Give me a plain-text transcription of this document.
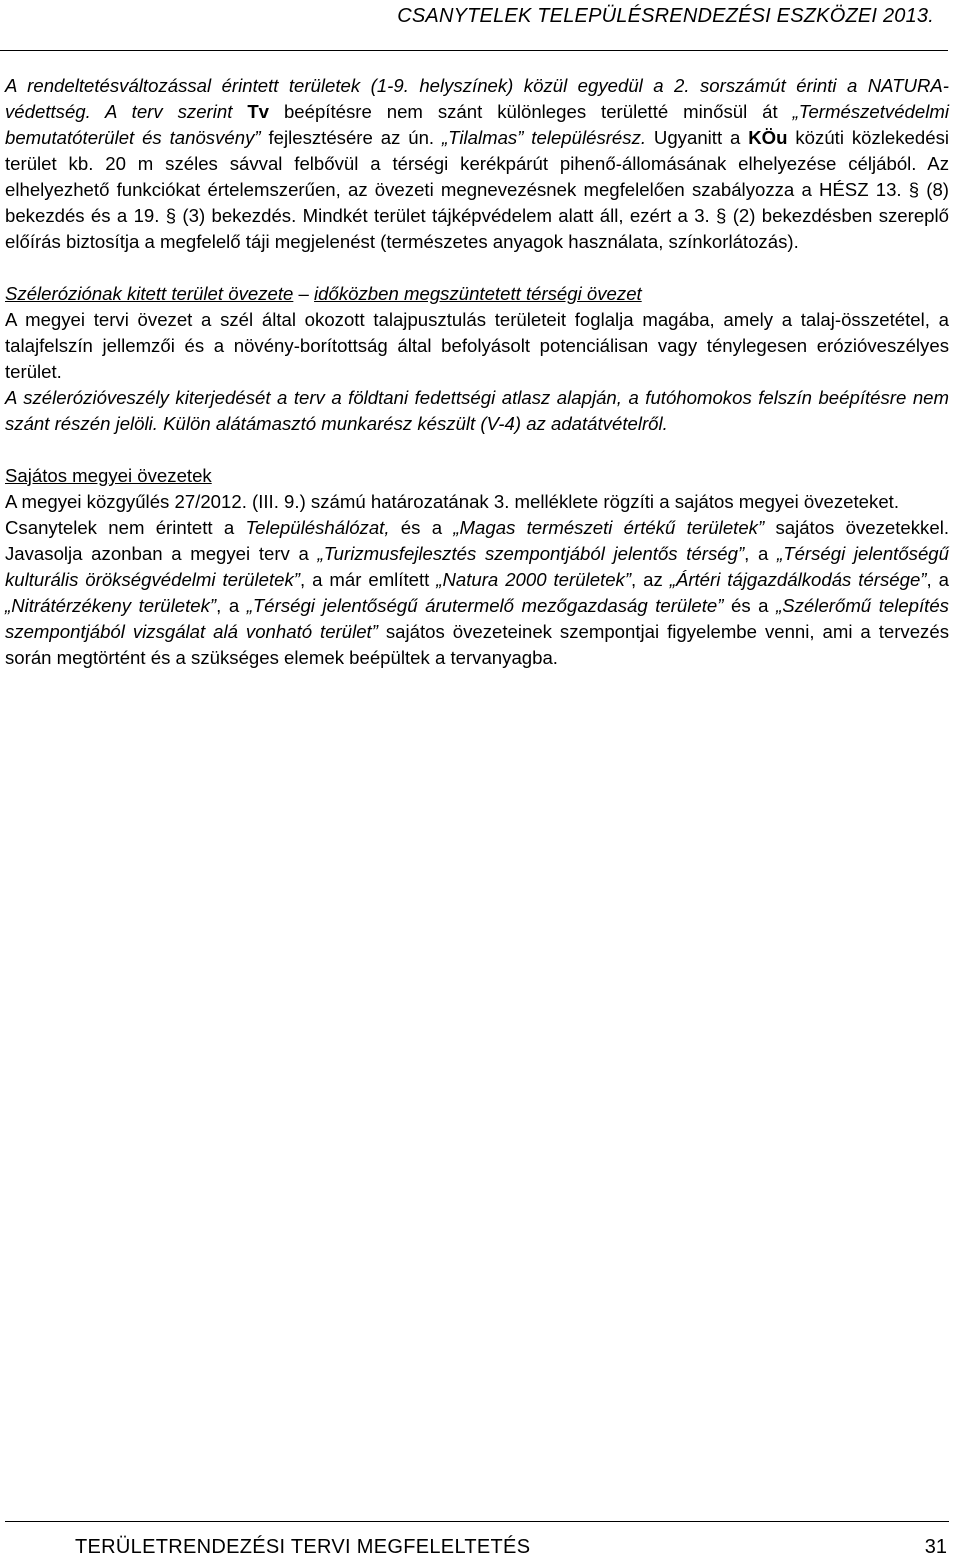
CSANYTELEK TELEPÜLÉSRENDEZÉSI ESZKÖZEI 2013.

A rendeltetésváltozással érintett területek (1-9. helyszínek) közül egyedül a 2. sorszámút érinti a NATURA-védettség. A terv szerint Tv beépítésre nem szánt különleges területté minősül át „Természetvédelmi bemutatóterület és tanösvény” fejlesztésére az ún. „Tilalmas” településrész. Ugyanitt a KÖu közúti közlekedési terület kb. 20 m széles sávval felbővül a térségi kerékpárút pihenő-állomásának elhelyezése céljából. Az elhelyezhető funkciókat értelemszerűen, az övezeti megnevezésnek megfelelően szabályozza a HÉSZ 13. § (8) bekezdés és a 19. § (3) bekezdés. Mindkét terület tájképvédelem alatt áll, ezért a 3. § (2) bekezdésben szereplő előírás biztosítja a megfelelő táji megjelenést (természetes anyagok használata, színkorlátozás).

Széleróziónak kitett terület övezete – időközben megszüntetett térségi övezet

A megyei tervi övezet a szél által okozott talajpusztulás területeit foglalja magába, amely a talaj-összetétel, a talajfelszín jellemzői és a növény-borítottság által befolyásolt potenciálisan vagy ténylegesen erózióveszélyes terület.

A szélerózióveszély kiterjedését a terv a földtani fedettségi atlasz alapján, a futóhomokos felszín beépítésre nem szánt részén jelöli. Külön alátámasztó munkarész készült (V-4) az adatátvételről.

Sajátos megyei övezetek

A megyei közgyűlés 27/2012. (III. 9.) számú határozatának 3. melléklete rögzíti a sajátos megyei övezeteket.

Csanytelek nem érintett a Településhálózat, és a „Magas természeti értékű területek” sajátos övezetekkel. Javasolja azonban a megyei terv a „Turizmusfejlesztés szempontjából jelentős térség”, a „Térségi jelentőségű kulturális örökségvédelmi területek”, a már említett „Natura 2000 területek”, az „Ártéri tájgazdálkodás térsége”, a „Nitrátérzékeny területek”, a „Térségi jelentőségű árutermelő mezőgazdaság területe” és a „Szélerőmű telepítés szempontjából vizsgálat alá vonható terület” sajátos övezeteinek szempontjai figyelembe venni, ami a tervezés során megtörtént és a szükséges elemek beépültek a tervanyagba.

TERÜLETRENDEZÉSI TERVI MEGFELELTETÉS	31
